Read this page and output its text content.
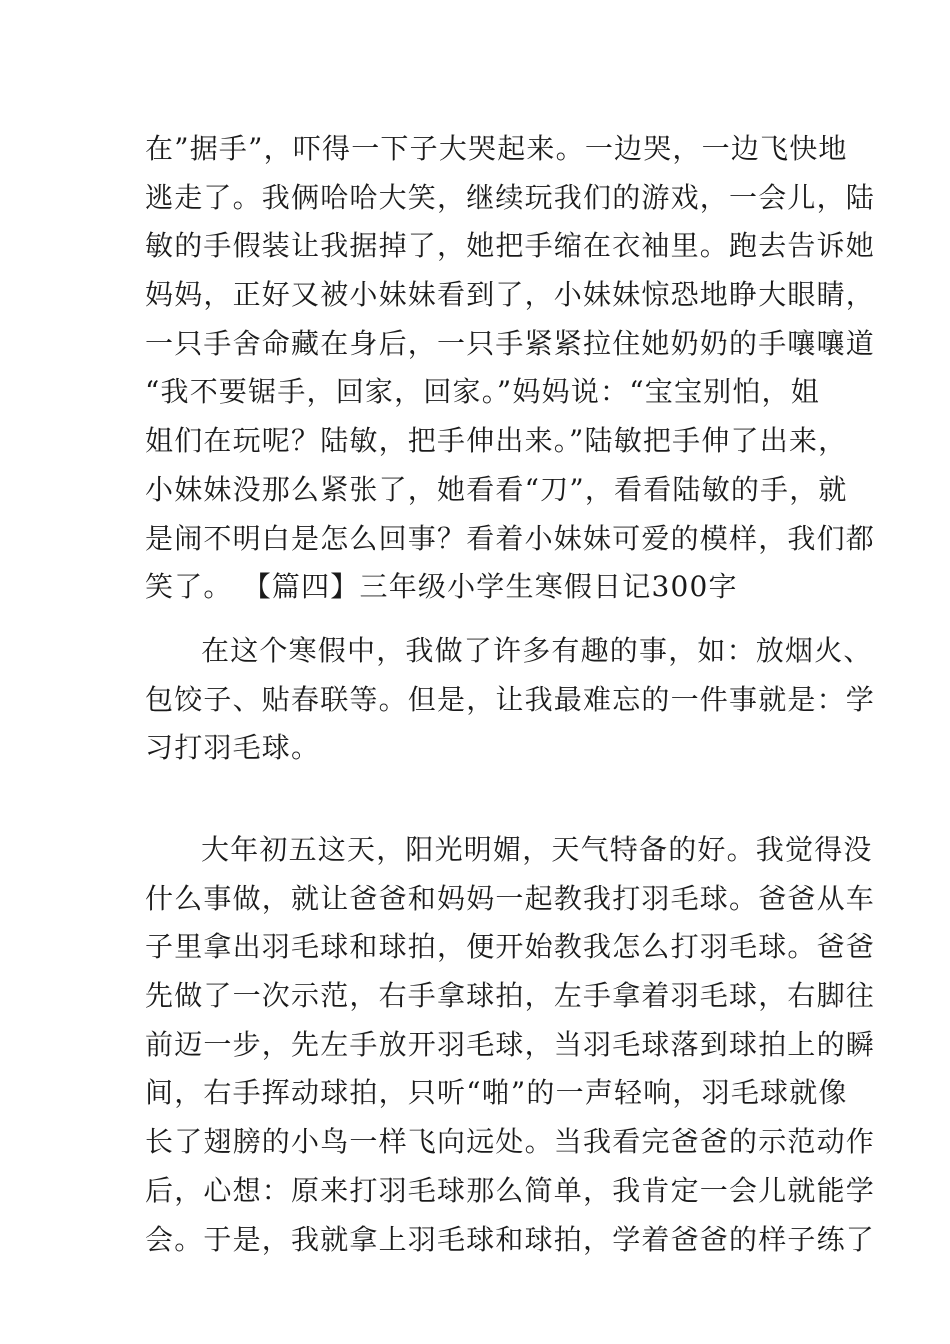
在”据手”，吓得一下子大哭起来。一边哭，一边飞快地
逃走了。我俩哈哈大笑，继续玩我们的游戏，一会儿，陆
敏的手假装让我据掉了，她把手缩在衣袖里。跑去告诉她
妈妈，正好又被小妹妹看到了，小妹妹惊恐地睁大眼睛，
一只手舍命藏在身后，一只手紧紧拉住她奶奶的手嚷嚷道
“我不要锯手，回家，回家。”妈妈说：“宝宝别怕，姐
姐们在玩呢？陆敏，把手伸出来。”陆敏把手伸了出来，
小妹妹没那么紧张了，她看看“刀”，看看陆敏的手，就
是闹不明白是怎么回事？看着小妹妹可爱的模样，我们都
笑了。 【篇四】三年级小学生寒假日记300字
在这个寒假中，我做了许多有趣的事，如：放烟火、
包饺子、贴春联等。但是，让我最难忘的一件事就是：学
习打羽毛球。
大年初五这天，阳光明媚，天气特备的好。我觉得没
什么事做，就让爸爸和妈妈一起教我打羽毛球。爸爸从车
子里拿出羽毛球和球拍，便开始教我怎么打羽毛球。爸爸
先做了一次示范，右手拿球拍，左手拿着羽毛球，右脚往
前迈一步，先左手放开羽毛球，当羽毛球落到球拍上的瞬
间，右手挥动球拍，只听“啪”的一声轻响，羽毛球就像
长了翅膀的小鸟一样飞向远处。当我看完爸爸的示范动作
后，心想：原来打羽毛球那么简单，我肯定一会儿就能学
会。于是，我就拿上羽毛球和球拍，学着爸爸的样子练了
